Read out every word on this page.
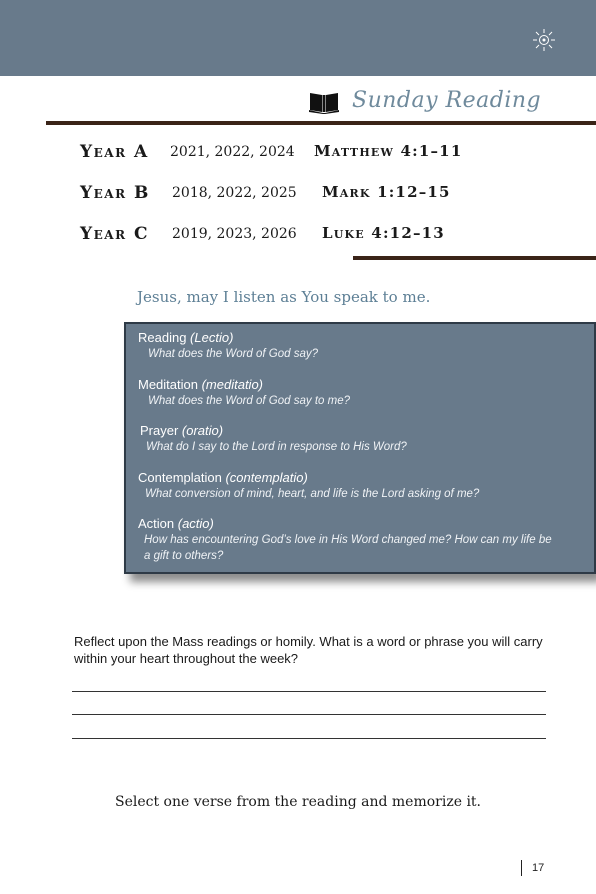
Sunday Reading
Year A 2021, 2022, 2024 Matthew 4:1–11
Year B 2018, 2022, 2025 Mark 1:12–15
Year C 2019, 2023, 2026 Luke 4:12–13
Jesus, may I listen as You speak to me.
Reading (Lectio)
What does the Word of God say?
Meditation (meditatio)
What does the Word of God say to me?
Prayer (oratio)
What do I say to the Lord in response to His Word?
Contemplation (contemplatio)
What conversion of mind, heart, and life is the Lord asking of me?
Action (actio)
How has encountering God’s love in His Word changed me? How can my life be a gift to others?
Reflect upon the Mass readings or homily. What is a word or phrase you will carry within your heart throughout the week?
Select one verse from the reading and memorize it.
17
